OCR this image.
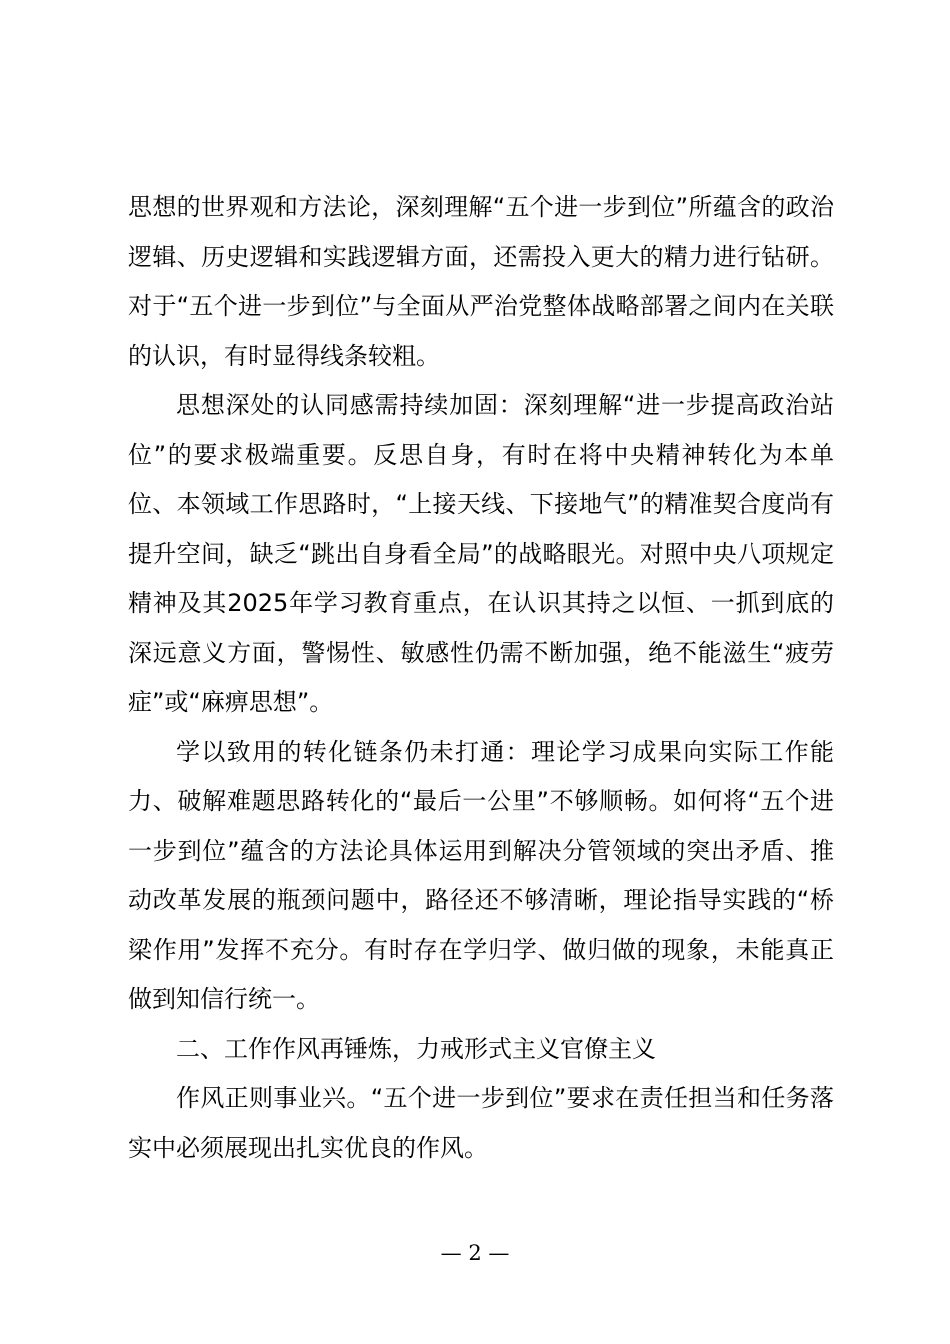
思想的世界观和方法论，深刻理解“五个进一步到位”所蕴含的政治逻辑、历史逻辑和实践逻辑方面，还需投入更大的精力进行钻研。对于“五个进一步到位”与全面从严治党整体战略部署之间内在关联的认识，有时显得线条较粗。

思想深处的认同感需持续加固：深刻理解“进一步提高政治站位”的要求极端重要。反思自身，有时在将中央精神转化为本单位、本领域工作思路时，“上接天线、下接地气”的精准契合度尚有提升空间，缺乏“跳出自身看全局”的战略眼光。对照中央八项规定精神及其2025年学习教育重点，在认识其持之以恒、一抓到底的深远意义方面，警惕性、敏感性仍需不断加强，绝不能滋生“疲劳症”或“麻痹思想”。

学以致用的转化链条仍未打通：理论学习成果向实际工作能力、破解难题思路转化的“最后一公里”不够顺畅。如何将“五个进一步到位”蕴含的方法论具体运用到解决分管领域的突出矛盾、推动改革发展的瓶颈问题中，路径还不够清晰，理论指导实践的“桥梁作用”发挥不充分。有时存在学归学、做归做的现象，未能真正做到知信行统一。

二、工作作风再锤炼，力戒形式主义官僚主义

作风正则事业兴。“五个进一步到位”要求在责任担当和任务落实中必须展现出扎实优良的作风。

— 2 —
